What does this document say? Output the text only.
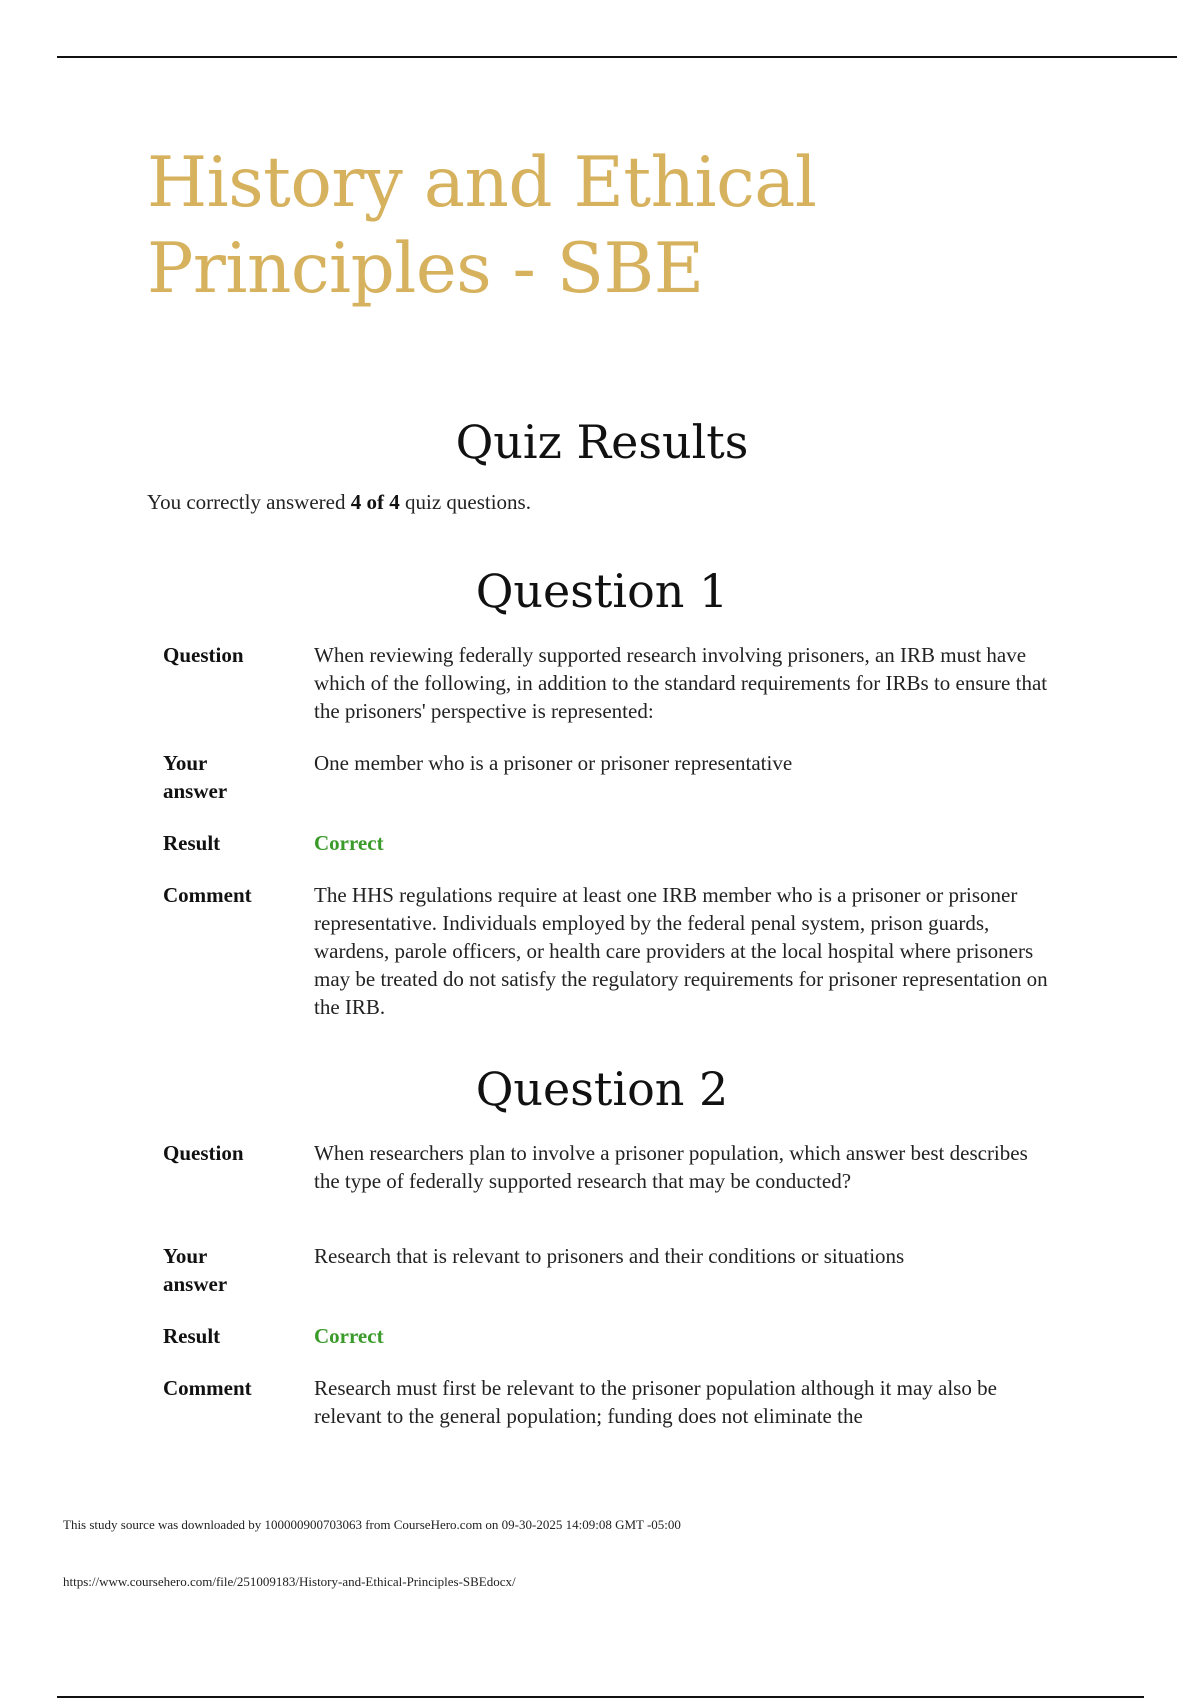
History and Ethical
Principles - SBE
Quiz Results

You correctly answered 4 of 4 quiz questions.

Question 1
Question	When reviewing federally supported research involving prisoners, an IRB must have which of the following, in addition to the standard requirements for IRBs to ensure that the prisoners' perspective is represented:
Your
answer	One member who is a prisoner or prisoner representative
Result	Correct
Comment	The HHS regulations require at least one IRB member who is a prisoner or prisoner representative. Individuals employed by the federal penal system, prison guards, wardens, parole officers, or health care providers at the local hospital where prisoners may be treated do not satisfy the regulatory requirements for prisoner representation on the IRB.
Question 2
Question	When researchers plan to involve a prisoner population, which answer best describes the type of federally supported research that may be conducted?
Your
answer	Research that is relevant to prisoners and their conditions or situations
Result	Correct
Comment	Research must first be relevant to the prisoner population although it may also be relevant to the general population; funding does not eliminate the
This study source was downloaded by 100000900703063 from CourseHero.com on 09-30-2025 14:09:08 GMT -05:00
https://www.coursehero.com/file/251009183/History-and-Ethical-Principles-SBEdocx/
